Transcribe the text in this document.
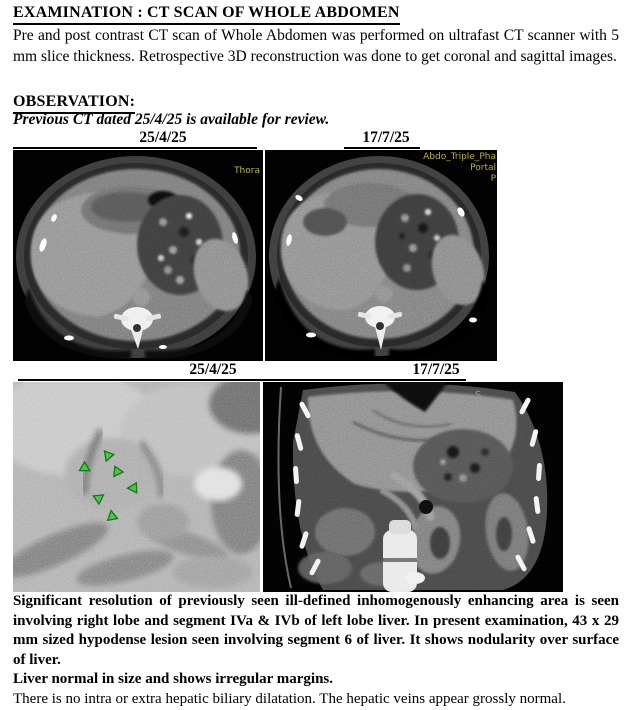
EXAMINATION : CT SCAN OF WHOLE ABDOMEN
Pre and post contrast CT scan of Whole Abdomen was performed on ultrafast CT scanner with 5 mm slice thickness. Retrospective 3D reconstruction was done to get coronal and sagittal images.
OBSERVATION:
Previous CT dated 25/4/25 is available for review.
25/4/25	17/7/25
Thora
Abdo_Triple_Pha
Portal
P
25/4/25	17/7/25
S

Significant resolution of previously seen ill-defined inhomogenously enhancing area is seen involving right lobe and segment IVa & IVb of left lobe liver. In present examination, 43 x 29 mm sized hypodense lesion seen involving segment 6 of liver. It shows nodularity over surface of liver.

Liver normal in size and shows irregular margins.

There is no intra or extra hepatic biliary dilatation. The hepatic veins appear grossly normal.
